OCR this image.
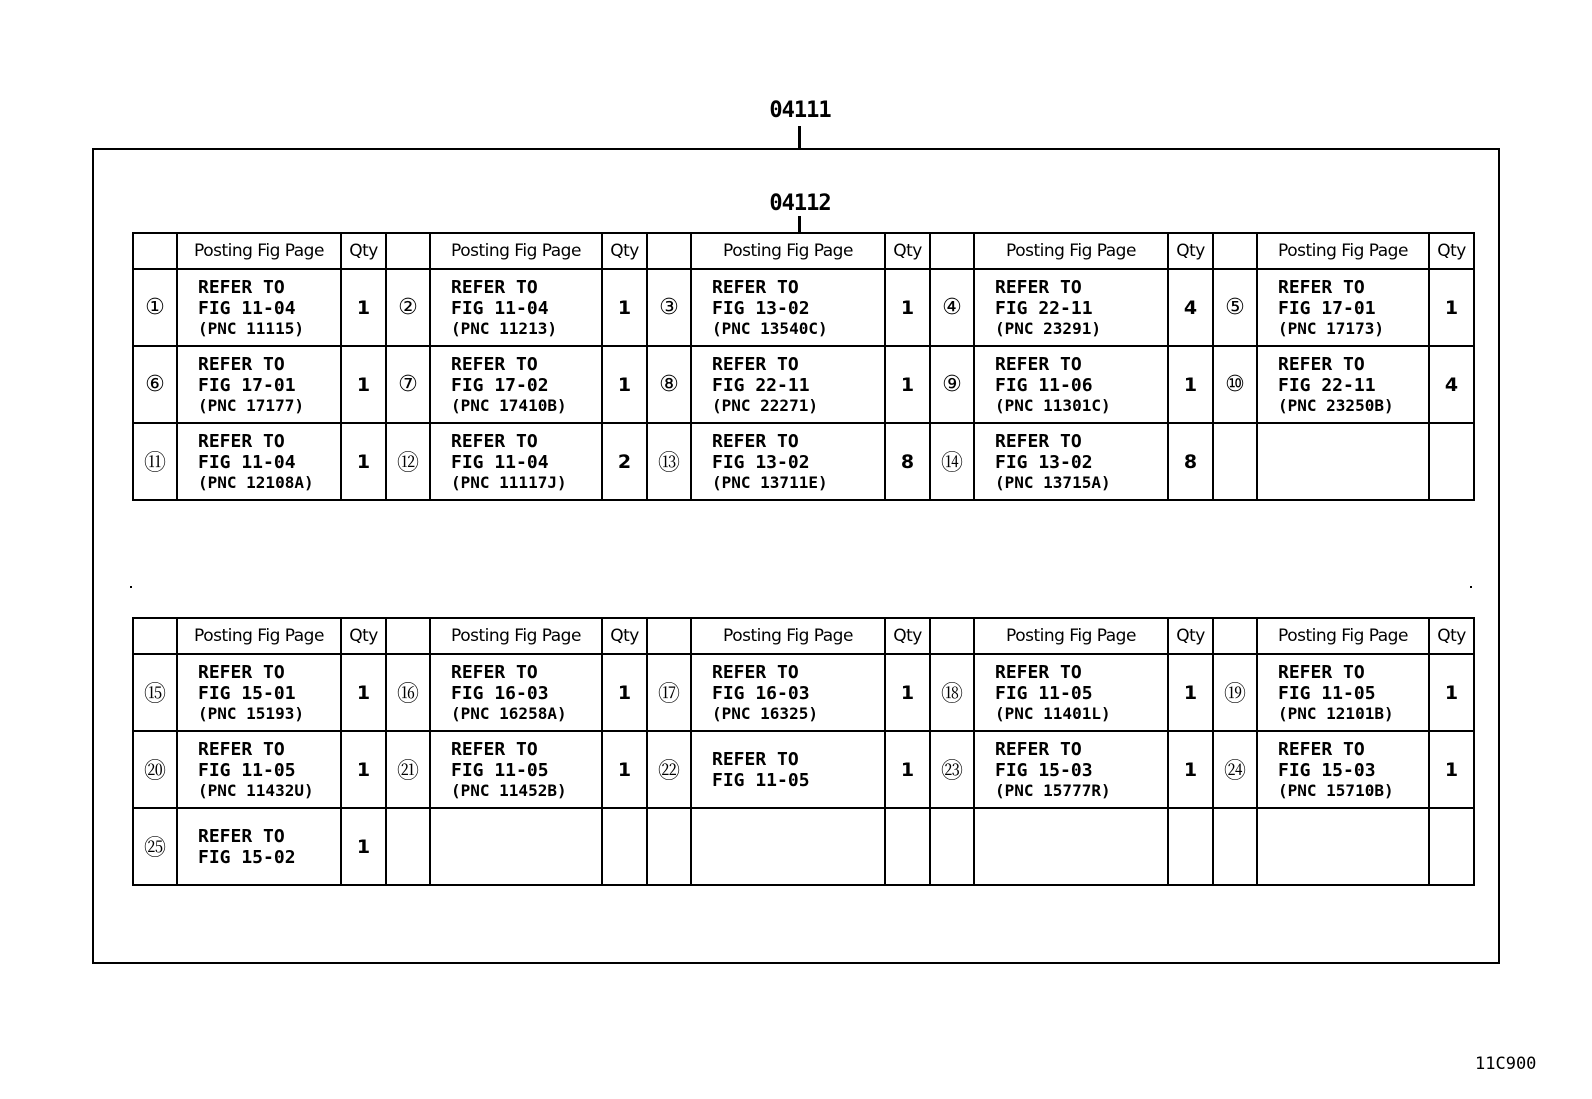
04111
04112
	Posting Fig Page	Qty		Posting Fig Page	Qty		Posting Fig Page	Qty		Posting Fig Page	Qty		Posting Fig Page	Qty
①	REFER TO
FIG 11-04
(PNC 11115)	1	②	REFER TO
FIG 11-04
(PNC 11213)	1	③	REFER TO
FIG 13-02
(PNC 13540C)	1	④	REFER TO
FIG 22-11
(PNC 23291)	4	⑤	REFER TO
FIG 17-01
(PNC 17173)	1
⑥	REFER TO
FIG 17-01
(PNC 17177)	1	⑦	REFER TO
FIG 17-02
(PNC 17410B)	1	⑧	REFER TO
FIG 22-11
(PNC 22271)	1	⑨	REFER TO
FIG 11-06
(PNC 11301C)	1	⑩	REFER TO
FIG 22-11
(PNC 23250B)	4
⑪	REFER TO
FIG 11-04
(PNC 12108A)	1	⑫	REFER TO
FIG 11-04
(PNC 11117J)	2	⑬	REFER TO
FIG 13-02
(PNC 13711E)	8	⑭	REFER TO
FIG 13-02
(PNC 13715A)	8		

	Posting Fig Page	Qty		Posting Fig Page	Qty		Posting Fig Page	Qty		Posting Fig Page	Qty		Posting Fig Page	Qty
⑮	REFER TO
FIG 15-01
(PNC 15193)	1	⑯	REFER TO
FIG 16-03
(PNC 16258A)	1	⑰	REFER TO
FIG 16-03
(PNC 16325)	1	⑱	REFER TO
FIG 11-05
(PNC 11401L)	1	⑲	REFER TO
FIG 11-05
(PNC 12101B)	1
⑳	REFER TO
FIG 11-05
(PNC 11432U)	1	㉑	REFER TO
FIG 11-05
(PNC 11452B)	1	㉒	REFER TO
FIG 11-05	1	㉓	REFER TO
FIG 15-03
(PNC 15777R)	1	㉔	REFER TO
FIG 15-03
(PNC 15710B)	1
㉕	REFER TO
FIG 15-02	1		

11C900
